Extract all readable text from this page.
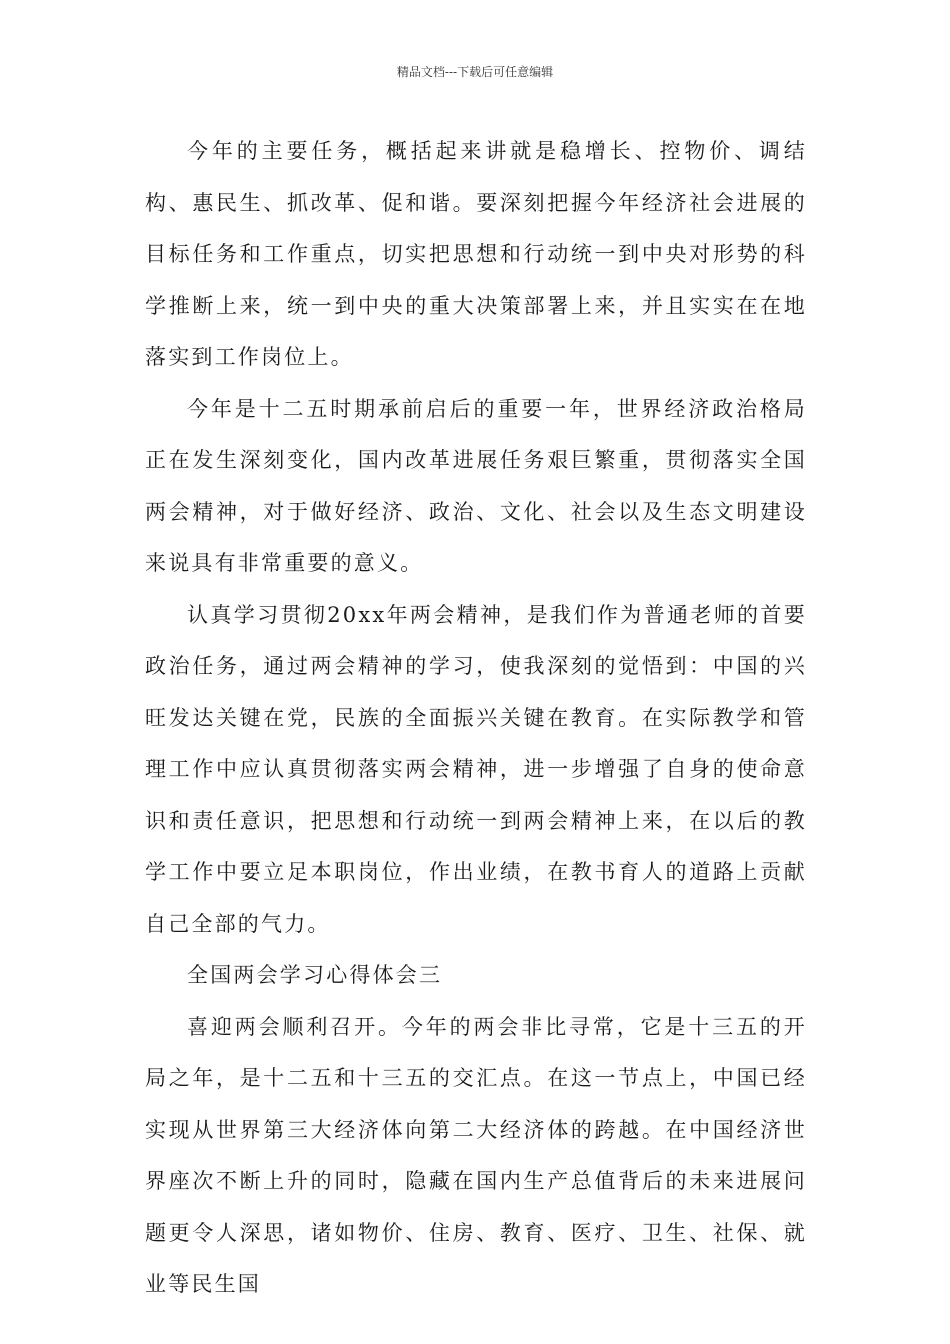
精品文档---下载后可任意编辑

今年的主要任务，概括起来讲就是稳增长、控物价、调结构、惠民生、抓改革、促和谐。要深刻把握今年经济社会进展的目标任务和工作重点，切实把思想和行动统一到中央对形势的科学推断上来，统一到中央的重大决策部署上来，并且实实在在地落实到工作岗位上。

今年是十二五时期承前启后的重要一年，世界经济政治格局正在发生深刻变化，国内改革进展任务艰巨繁重，贯彻落实全国两会精神，对于做好经济、政治、文化、社会以及生态文明建设来说具有非常重要的意义。

认真学习贯彻20xx年两会精神，是我们作为普通老师的首要政治任务，通过两会精神的学习，使我深刻的觉悟到：中国的兴旺发达关键在党，民族的全面振兴关键在教育。在实际教学和管理工作中应认真贯彻落实两会精神，进一步增强了自身的使命意识和责任意识，把思想和行动统一到两会精神上来，在以后的教学工作中要立足本职岗位，作出业绩，在教书育人的道路上贡献自己全部的气力。

全国两会学习心得体会三

喜迎两会顺利召开。今年的两会非比寻常，它是十三五的开局之年，是十二五和十三五的交汇点。在这一节点上，中国已经实现从世界第三大经济体向第二大经济体的跨越。在中国经济世界座次不断上升的同时，隐藏在国内生产总值背后的未来进展问题更令人深思，诸如物价、住房、教育、医疗、卫生、社保、就业等民生国
